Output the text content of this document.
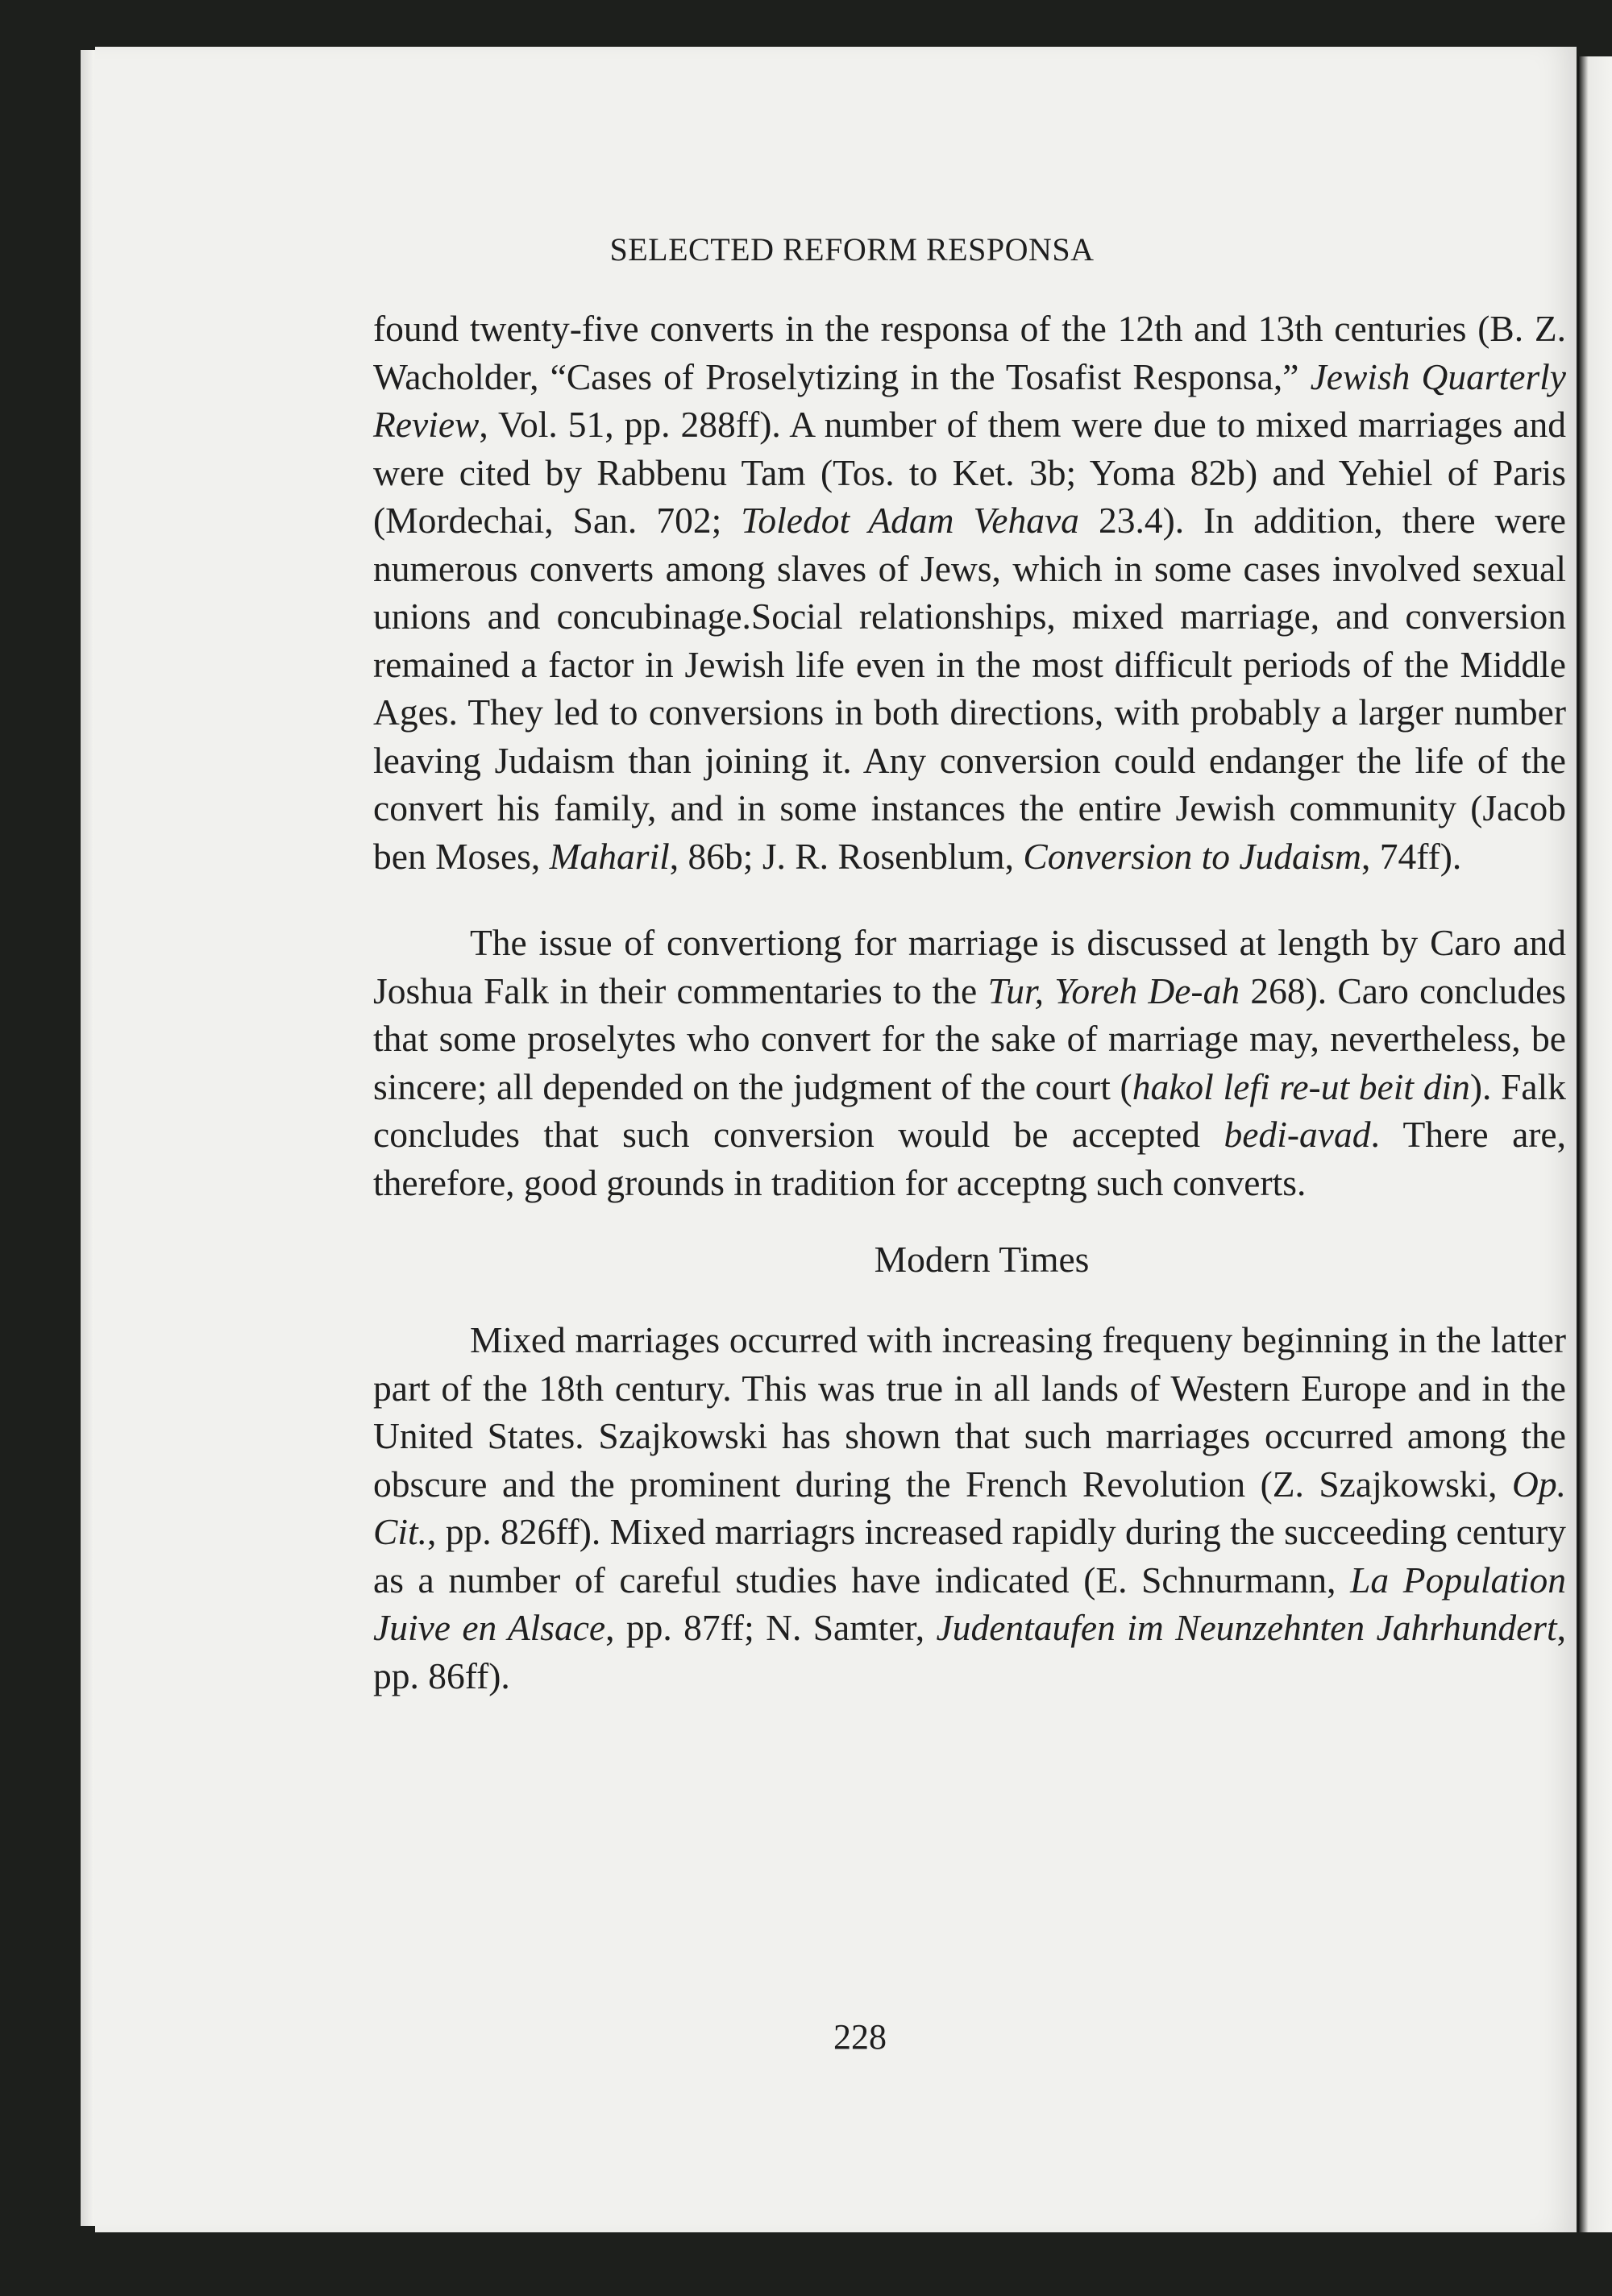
SELECTED REFORM RESPONSA

found twenty-five converts in the responsa of the 12th and 13th centuries (B. Z. Wacholder, “Cases of Proselytizing in the Tosafist Responsa,” Jewish Quarterly Review, Vol. 51, pp. 288ff). A number of them were due to mixed marriages and were cited by Rabbenu Tam (Tos. to Ket. 3b; Yoma 82b) and Yehiel of Paris (Mordechai, San. 702; Toledot Adam Vehava 23.4). In addition, there were numerous converts among slaves of Jews, which in some cases involved sexual unions and concubinage.Social relationships, mixed marriage, and conversion remained a factor in Jewish life even in the most difficult periods of the Middle Ages. They led to conversions in both directions, with probably a larger number leaving Judaism than joining it. Any conversion could endanger the life of the convert his family, and in some instances the entire Jewish community (Jacob ben Moses, Maharil, 86b; J. R. Rosenblum, Conversion to Judaism, 74ff).

The issue of convertiong for marriage is discussed at length by Caro and Joshua Falk in their commentaries to the Tur, Yoreh De-ah 268). Caro concludes that some proselytes who convert for the sake of marriage may, nevertheless, be sincere; all depended on the judgment of the court (hakol lefi re-ut beit din). Falk concludes that such conversion would be accepted bedi-avad. There are, therefore, good grounds in tradition for acceptng such converts.

Modern Times

Mixed marriages occurred with increasing frequeny beginning in the latter part of the 18th century. This was true in all lands of Western Europe and in the United States. Szajkowski has shown that such marriages occurred among the obscure and the prominent during the French Revolution (Z. Szajkowski, Op. Cit., pp. 826ff). Mixed marriagrs increased rapidly during the succeeding century as a number of careful studies have indicated (E. Schnurmann, La Population Juive en Alsace, pp. 87ff; N. Samter, Judentaufen im Neunzehnten Jahrhundert, pp. 86ff).

228
